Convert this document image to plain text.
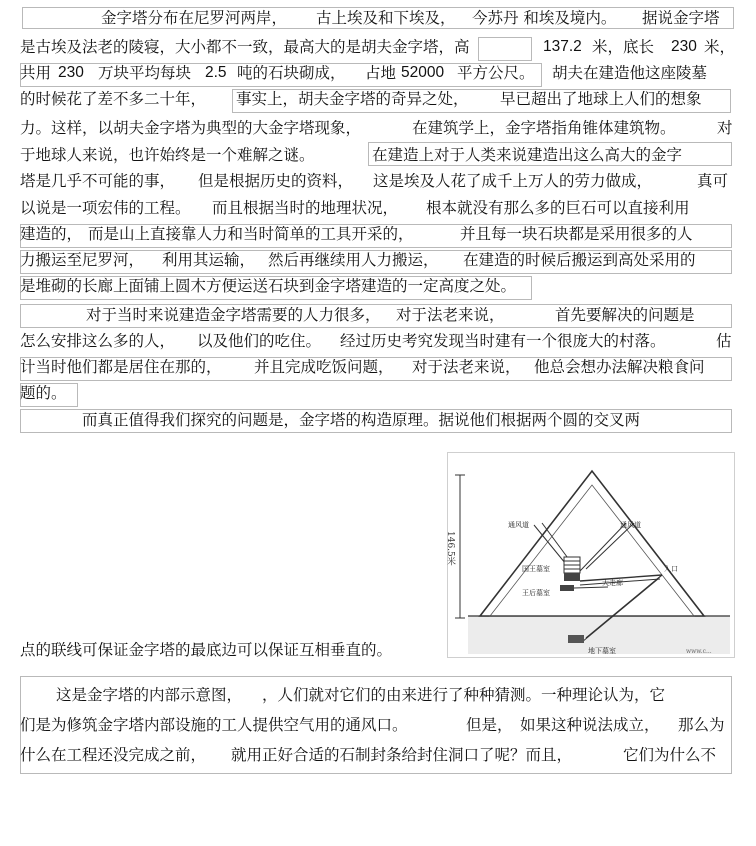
金字塔分布在尼罗河两岸，

古上埃及和下埃及，

今苏丹 和埃及境内。

据说金字塔

是古埃及法老的陵寝，大小都不一致，最高大的是胡夫金字塔，高

	137.2

米，底长

230

米，

共用

230

万块平均每块

2.5

吨的石块砌成，

占地

52000

平方公尺。

胡夫在建造他这座陵墓

的时候花了差不多二十年，

事实上，胡夫金字塔的奇异之处，

早已超出了地球上人们的想象

力。这样，以胡夫金字塔为典型的大金字塔现象，

	在建筑学上，金字塔指角锥体建筑物。

	对

于地球人来说，也许始终是一个难解之谜。

	在建造上对于人类来说建造出这么高大的金字

塔是几乎不可能的事，

但是根据历史的资料，

这是埃及人花了成千上万人的劳力做成，

	真可

以说是一项宏伟的工程。

而且根据当时的地理状况，

根本就没有那么多的巨石可以直接利用

建造的，

而是山上直接靠人力和当时简单的工具开采的，

	并且每一块石块都是采用很多的人

力搬运至尼罗河，

利用其运输，

然后再继续用人力搬运，

在建造的时候后搬运到高处采用的

是堆砌的长廊上面铺上圆木方便运送石块到金字塔建造的一定高度之处。

对于当时来说建造金字塔需要的人力很多，

对于法老来说，

	首先要解决的问题是

怎么安排这么多的人，

以及他们的吃住。

经过历史考究发现当时建有一个很庞大的村落。

	估

计当时他们都是居住在那的，

并且完成吃饭问题，

对于法老来说，

他总会想办法解决粮食问

题的。

而真正值得我们探究的问题是，金字塔的构造原理。据说他们根据两个圆的交叉两

146.5米
通风道	通风道
国王墓室
大走廊
王后墓室
入口
地下墓室	www.c...

点的联线可保证金字塔的最底边可以保证互相垂直的。

这是金字塔的内部示意图，

，人们就对它们的由来进行了种种猜测。一种理论认为，它

们是为修筑金字塔内部设施的工人提供空气用的通风口。

	但是，

如果这种说法成立，

那么为

什么在工程还没完成之前，

就用正好合适的石制封条给封住洞口了呢？而且，

	它们为什么不
